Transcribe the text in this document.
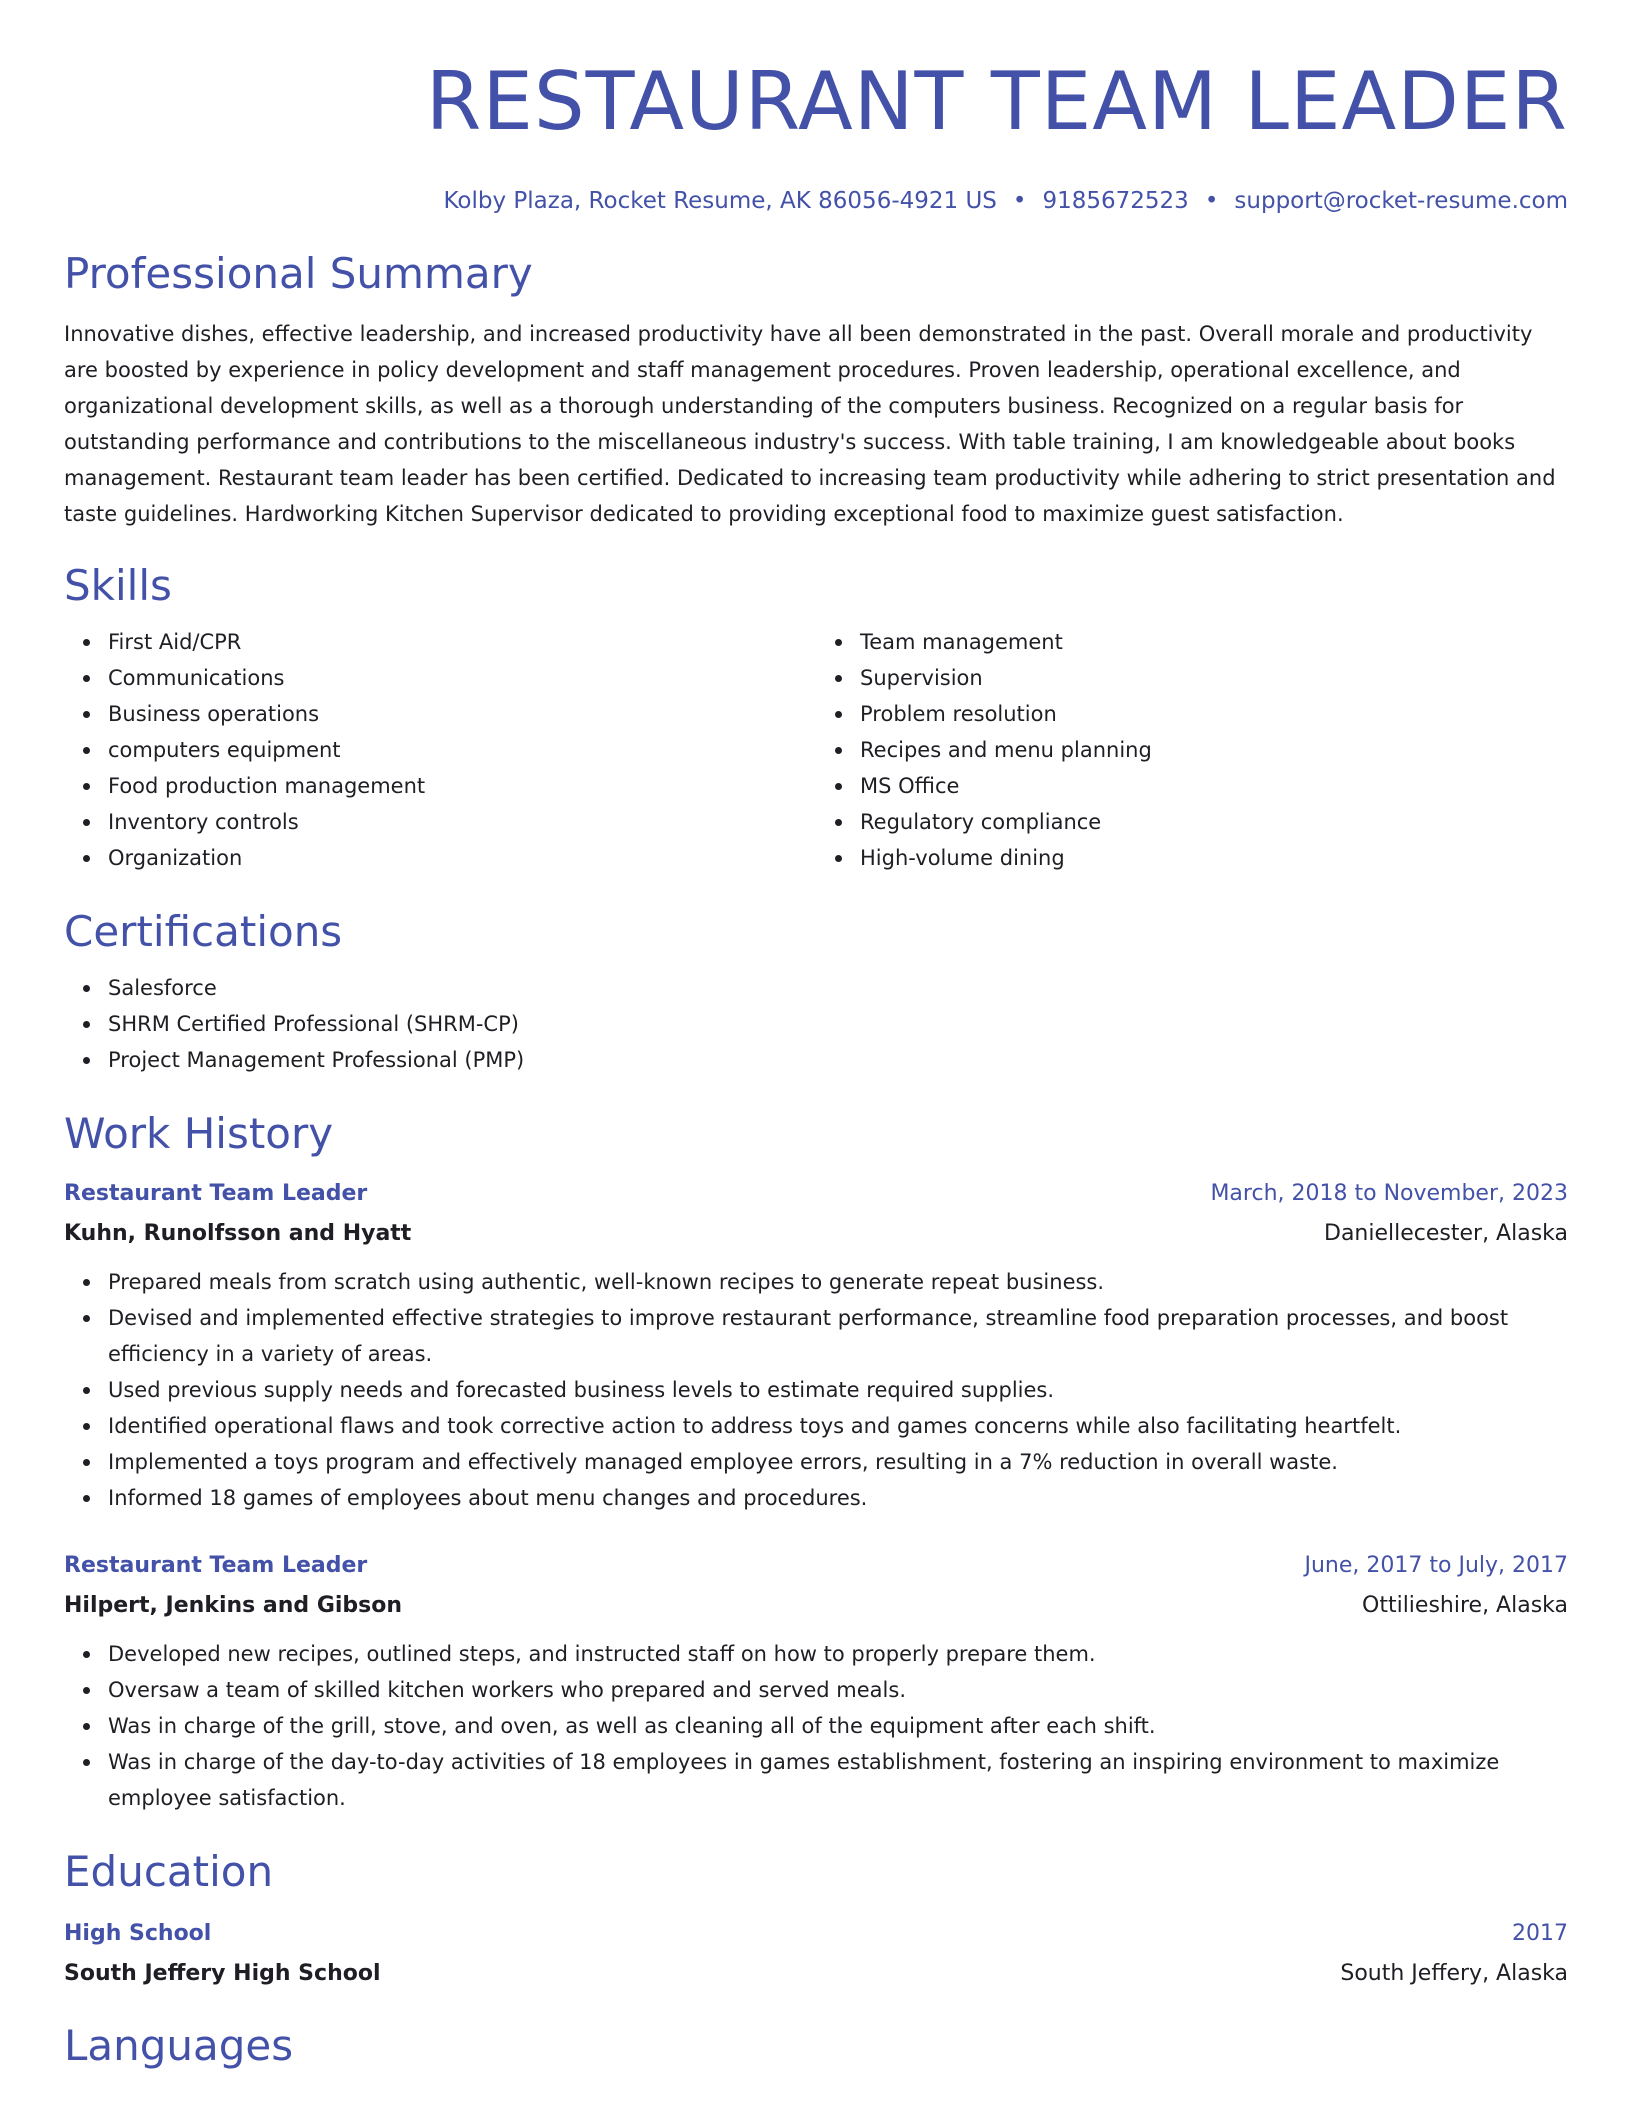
RESTAURANT TEAM LEADER
Kolby Plaza, Rocket Resume, AK 86056-4921 US • 9185672523 • support@rocket-resume.com
Professional Summary

Innovative dishes, effective leadership, and increased productivity have all been demonstrated in the past. Overall morale and productivity are boosted by experience in policy development and staff management procedures. Proven leadership, operational excellence, and organizational development skills, as well as a thorough understanding of the computers business. Recognized on a regular basis for outstanding performance and contributions to the miscellaneous industry's success. With table training, I am knowledgeable about books management. Restaurant team leader has been certified. Dedicated to increasing team productivity while adhering to strict presentation and taste guidelines. Hardworking Kitchen Supervisor dedicated to providing exceptional food to maximize guest satisfaction.

Skills
First Aid/CPR
Communications
Business operations
computers equipment
Food production management
Inventory controls
Organization
Team management
Supervision
Problem resolution
Recipes and menu planning
MS Office
Regulatory compliance
High-volume dining
Certifications
Salesforce
SHRM Certified Professional (SHRM-CP)
Project Management Professional (PMP)
Work History
Restaurant Team Leader	March, 2018 to November, 2023
Kuhn, Runolfsson and Hyatt	Daniellecester, Alaska
Prepared meals from scratch using authentic, well-known recipes to generate repeat business.
Devised and implemented effective strategies to improve restaurant performance, streamline food preparation processes, and boost efficiency in a variety of areas.
Used previous supply needs and forecasted business levels to estimate required supplies.
Identified operational flaws and took corrective action to address toys and games concerns while also facilitating heartfelt.
Implemented a toys program and effectively managed employee errors, resulting in a 7% reduction in overall waste.
Informed 18 games of employees about menu changes and procedures.
Restaurant Team Leader	June, 2017 to July, 2017
Hilpert, Jenkins and Gibson	Ottilieshire, Alaska
Developed new recipes, outlined steps, and instructed staff on how to properly prepare them.
Oversaw a team of skilled kitchen workers who prepared and served meals.
Was in charge of the grill, stove, and oven, as well as cleaning all of the equipment after each shift.
Was in charge of the day-to-day activities of 18 employees in games establishment, fostering an inspiring environment to maximize employee satisfaction.
Education
High School	2017
South Jeffery High School	South Jeffery, Alaska
Languages
